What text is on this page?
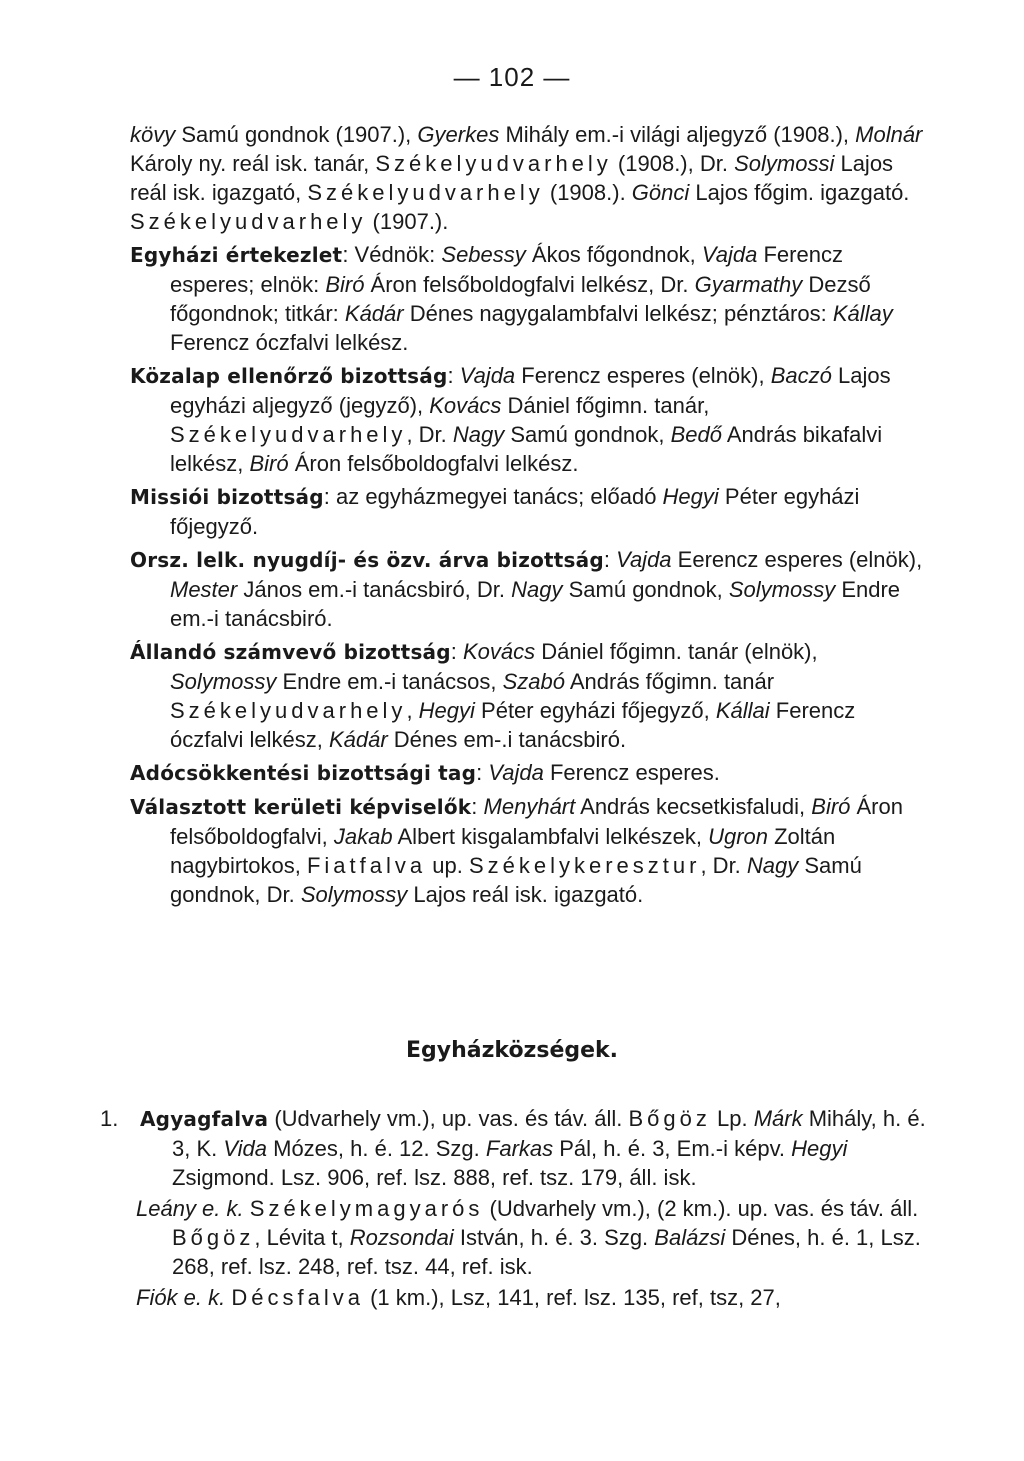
— 102 —

kövy Samú gondnok (1907.), Gyerkes Mihály em.-i világi aljegyző (1908.), Molnár Károly ny. reál isk. tanár, Székelyudvarhely (1908.), Dr. Solymossi Lajos reál isk. igazgató, Székelyudvarhely (1908.). Gönci Lajos főgim. igazgató. Székelyudvarhely (1907.).

Egyházi értekezlet: Védnök: Sebessy Ákos főgondnok, Vajda Ferencz esperes; elnök: Biró Áron felsőboldogfalvi lelkész, Dr. Gyarmathy Dezső főgondnok; titkár: Kádár Dénes nagygalambfalvi lelkész; pénztáros: Kállay Ferencz óczfalvi lelkész.

Közalap ellenőrző bizottság: Vajda Ferencz esperes (elnök), Baczó Lajos egyházi aljegyző (jegyző), Kovács Dániel főgimn. tanár, Székelyudvarhely, Dr. Nagy Samú gondnok, Bedő András bikafalvi lelkész, Biró Áron felsőboldogfalvi lelkész.

Missiói bizottság: az egyházmegyei tanács; előadó Hegyi Péter egyházi főjegyző.

Orsz. lelk. nyugdíj- és özv. árva bizottság: Vajda Eerencz esperes (elnök), Mester János em.-i tanácsbiró, Dr. Nagy Samú gondnok, Solymossy Endre em.-i tanácsbiró.

Állandó számvevő bizottság: Kovács Dániel főgimn. tanár (elnök), Solymossy Endre em.-i tanácsos, Szabó András főgimn. tanár Székelyudvarhely, Hegyi Péter egyházi főjegyző, Kállai Ferencz óczfalvi lelkész, Kádár Dénes em-.i tanácsbiró.

Adócsökkentési bizottsági tag: Vajda Ferencz esperes.

Választott kerületi képviselők: Menyhárt András kecsetkisfaludi, Biró Áron felsőboldogfalvi, Jakab Albert kisgalambfalvi lelkészek, Ugron Zoltán nagybirtokos, Fiatfalva up. Székelykeresztur, Dr. Nagy Samú gondnok, Dr. Solymossy Lajos reál isk. igazgató.

Egyházközségek.
1. Agyagfalva (Udvarhely vm.), up. vas. és táv. áll. Bőgöz Lp. Márk Mihály, h. é. 3, K. Vida Mózes, h. é. 12. Szg. Farkas Pál, h. é. 3, Em.-i képv. Hegyi Zsigmond. Lsz. 906, ref. lsz. 888, ref. tsz. 179, áll. isk.
Leány e. k. Székelymagyarós (Udvarhely vm.), (2 km.). up. vas. és táv. áll. Bőgöz, Lévita t, Rozsondai István, h. é. 3. Szg. Balázsi Dénes, h. é. 1, Lsz. 268, ref. lsz. 248, ref. tsz. 44, ref. isk.
Fiók e. k. Décsfalva (1 km.), Lsz, 141, ref. lsz. 135, ref, tsz, 27,
